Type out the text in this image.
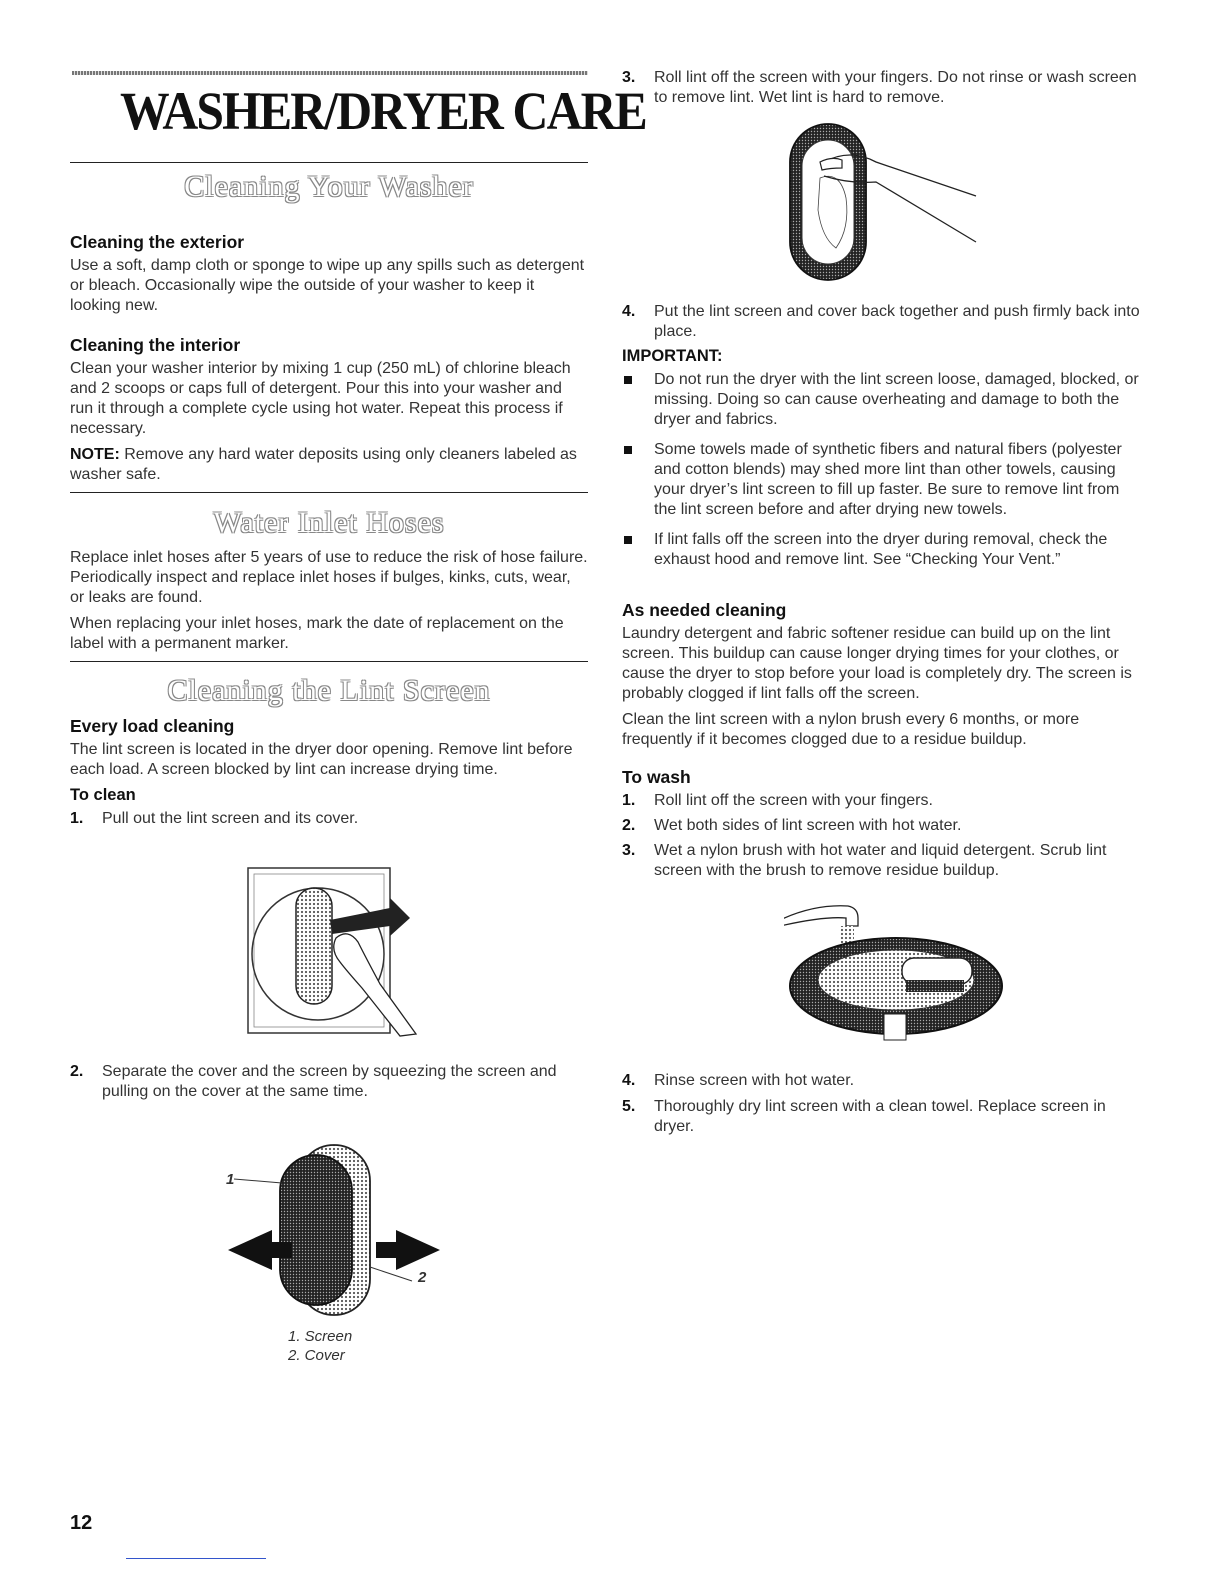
WASHER/DRYER CARE
Cleaning Your Washer
Cleaning the exterior

Use a soft, damp cloth or sponge to wipe up any spills such as detergent or bleach. Occasionally wipe the outside of your washer to keep it looking new.

Cleaning the interior

Clean your washer interior by mixing 1 cup (250 mL) of chlorine bleach and 2 scoops or caps full of detergent. Pour this into your washer and run it through a complete cycle using hot water. Repeat this process if necessary.

NOTE: Remove any hard water deposits using only cleaners labeled as washer safe.

Water Inlet Hoses

Replace inlet hoses after 5 years of use to reduce the risk of hose failure. Periodically inspect and replace inlet hoses if bulges, kinks, cuts, wear, or leaks are found.

When replacing your inlet hoses, mark the date of replacement on the label with a permanent marker.

Cleaning the Lint Screen
Every load cleaning

The lint screen is located in the dryer door opening. Remove lint before each load. A screen blocked by lint can increase drying time.

To clean
1. Pull out the lint screen and its cover.
2. Separate the cover and the screen by squeezing the screen and pulling on the cover at the same time.
1
2
1. Screen
2. Cover
12
3. Roll lint off the screen with your fingers. Do not rinse or wash screen to remove lint. Wet lint is hard to remove.
4. Put the lint screen and cover back together and push firmly back into place.
IMPORTANT:
Do not run the dryer with the lint screen loose, damaged, blocked, or missing. Doing so can cause overheating and damage to both the dryer and fabrics.
Some towels made of synthetic fibers and natural fibers (polyester and cotton blends) may shed more lint than other towels, causing your dryer’s lint screen to fill up faster. Be sure to remove lint from the lint screen before and after drying new towels.
If lint falls off the screen into the dryer during removal, check the exhaust hood and remove lint. See “Checking Your Vent.”
As needed cleaning

Laundry detergent and fabric softener residue can build up on the lint screen. This buildup can cause longer drying times for your clothes, or cause the dryer to stop before your load is completely dry. The screen is probably clogged if lint falls off the screen.

Clean the lint screen with a nylon brush every 6 months, or more frequently if it becomes clogged due to a residue buildup.

To wash
1. Roll lint off the screen with your fingers.
2. Wet both sides of lint screen with hot water.
3. Wet a nylon brush with hot water and liquid detergent. Scrub lint screen with the brush to remove residue buildup.
4. Rinse screen with hot water.
5. Thoroughly dry lint screen with a clean towel. Replace screen in dryer.
